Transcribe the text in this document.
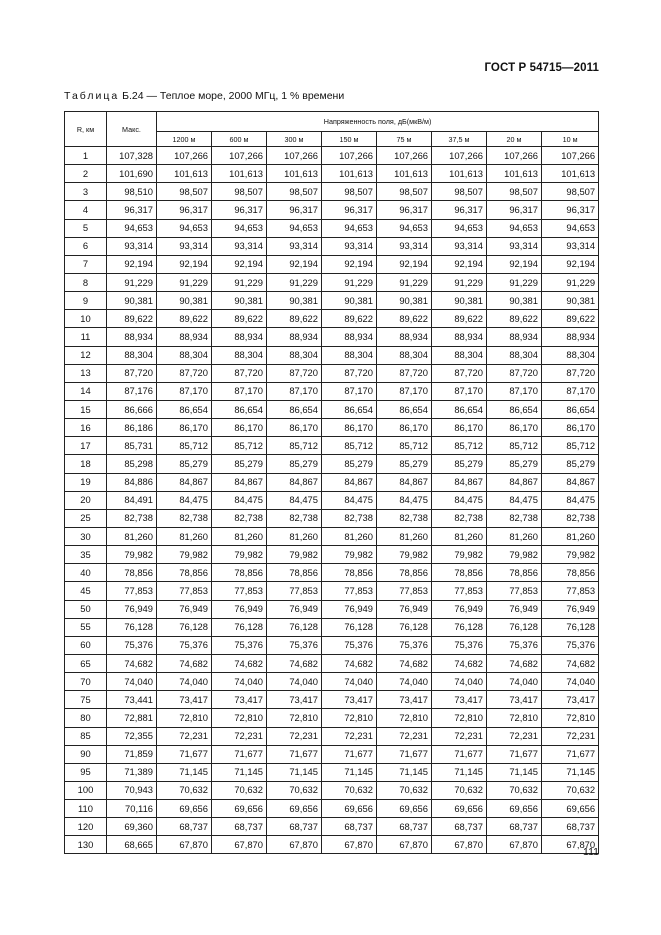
ГОСТ Р 54715—2011
Таблица Б.24 — Теплое море, 2000 МГц, 1 % времени
R, км	Макс.	Напряженность поля, дБ(мкВ/м)							
		1200 м	600 м	300 м	150 м	75 м	37,5 м	20 м	10 м
1	107,328	107,266	107,266	107,266	107,266	107,266	107,266	107,266	107,266
2	101,690	101,613	101,613	101,613	101,613	101,613	101,613	101,613	101,613
3	98,510	98,507	98,507	98,507	98,507	98,507	98,507	98,507	98,507
4	96,317	96,317	96,317	96,317	96,317	96,317	96,317	96,317	96,317
5	94,653	94,653	94,653	94,653	94,653	94,653	94,653	94,653	94,653
6	93,314	93,314	93,314	93,314	93,314	93,314	93,314	93,314	93,314
7	92,194	92,194	92,194	92,194	92,194	92,194	92,194	92,194	92,194
8	91,229	91,229	91,229	91,229	91,229	91,229	91,229	91,229	91,229
9	90,381	90,381	90,381	90,381	90,381	90,381	90,381	90,381	90,381
10	89,622	89,622	89,622	89,622	89,622	89,622	89,622	89,622	89,622
11	88,934	88,934	88,934	88,934	88,934	88,934	88,934	88,934	88,934
12	88,304	88,304	88,304	88,304	88,304	88,304	88,304	88,304	88,304
13	87,720	87,720	87,720	87,720	87,720	87,720	87,720	87,720	87,720
14	87,176	87,170	87,170	87,170	87,170	87,170	87,170	87,170	87,170
15	86,666	86,654	86,654	86,654	86,654	86,654	86,654	86,654	86,654
16	86,186	86,170	86,170	86,170	86,170	86,170	86,170	86,170	86,170
17	85,731	85,712	85,712	85,712	85,712	85,712	85,712	85,712	85,712
18	85,298	85,279	85,279	85,279	85,279	85,279	85,279	85,279	85,279
19	84,886	84,867	84,867	84,867	84,867	84,867	84,867	84,867	84,867
20	84,491	84,475	84,475	84,475	84,475	84,475	84,475	84,475	84,475
25	82,738	82,738	82,738	82,738	82,738	82,738	82,738	82,738	82,738
30	81,260	81,260	81,260	81,260	81,260	81,260	81,260	81,260	81,260
35	79,982	79,982	79,982	79,982	79,982	79,982	79,982	79,982	79,982
40	78,856	78,856	78,856	78,856	78,856	78,856	78,856	78,856	78,856
45	77,853	77,853	77,853	77,853	77,853	77,853	77,853	77,853	77,853
50	76,949	76,949	76,949	76,949	76,949	76,949	76,949	76,949	76,949
55	76,128	76,128	76,128	76,128	76,128	76,128	76,128	76,128	76,128
60	75,376	75,376	75,376	75,376	75,376	75,376	75,376	75,376	75,376
65	74,682	74,682	74,682	74,682	74,682	74,682	74,682	74,682	74,682
70	74,040	74,040	74,040	74,040	74,040	74,040	74,040	74,040	74,040
75	73,441	73,417	73,417	73,417	73,417	73,417	73,417	73,417	73,417
80	72,881	72,810	72,810	72,810	72,810	72,810	72,810	72,810	72,810
85	72,355	72,231	72,231	72,231	72,231	72,231	72,231	72,231	72,231
90	71,859	71,677	71,677	71,677	71,677	71,677	71,677	71,677	71,677
95	71,389	71,145	71,145	71,145	71,145	71,145	71,145	71,145	71,145
100	70,943	70,632	70,632	70,632	70,632	70,632	70,632	70,632	70,632
110	70,116	69,656	69,656	69,656	69,656	69,656	69,656	69,656	69,656
120	69,360	68,737	68,737	68,737	68,737	68,737	68,737	68,737	68,737
130	68,665	67,870	67,870	67,870	67,870	67,870	67,870	67,870	67,870
111
